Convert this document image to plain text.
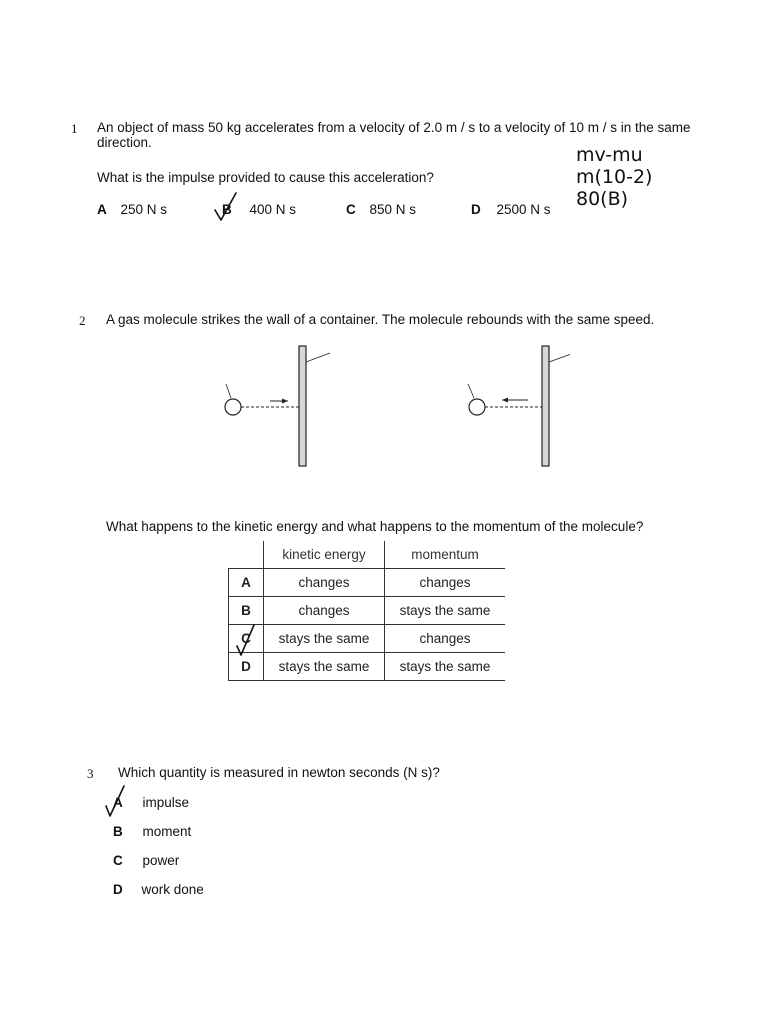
1 An object of mass 50 kg accelerates from a velocity of 2.0 m / s to a velocity of 10 m / s in the same
direction.
What is the impulse provided to cause this acceleration?
A 250 N s	B 400 N s	C 850 N s	D 2500 N s
mv-mu
m(10-2)
80(B)
2 A gas molecule strikes the wall of a container. The molecule rebounds with the same speed.
What happens to the kinetic energy and what happens to the momentum of the molecule?
	kinetic energy	momentum
A	changes	changes
B	changes	stays the same
C	stays the same	changes
D	stays the same	stays the same
3 Which quantity is measured in newton seconds (N s)?
A impulse
B moment
C power
D work done
